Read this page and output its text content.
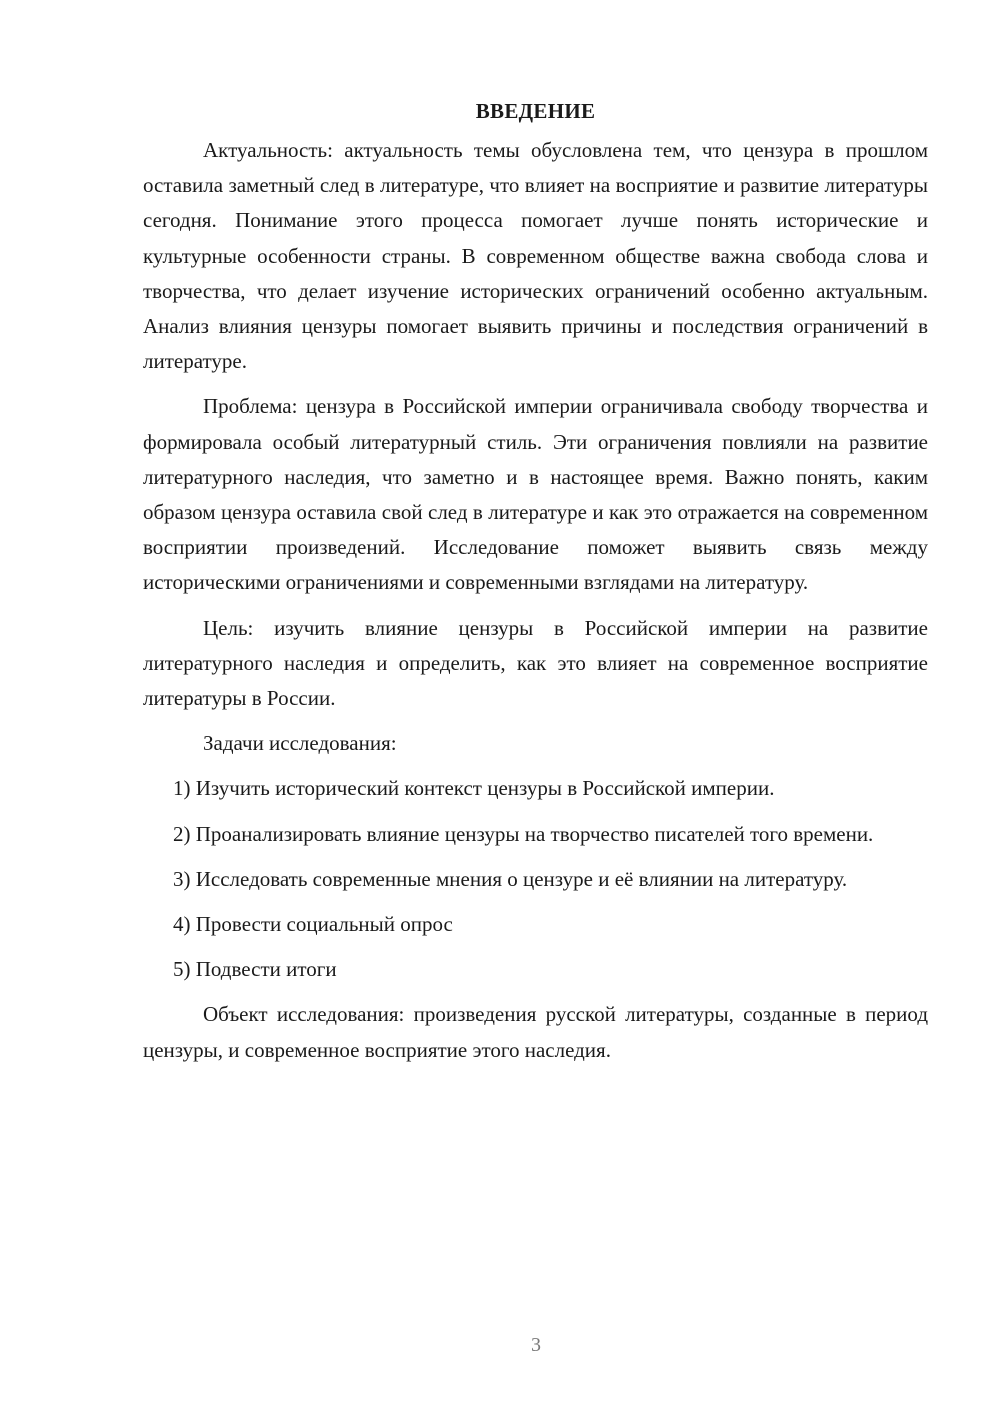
ВВЕДЕНИЕ

Актуальность: актуальность темы обусловлена тем, что цензура в прошлом оставила заметный след в литературе, что влияет на восприятие и развитие литературы сегодня. Понимание этого процесса помогает лучше понять исторические и культурные особенности страны. В современном обществе важна свобода слова и творчества, что делает изучение исторических ограничений особенно актуальным. Анализ влияния цензуры помогает выявить причины и последствия ограничений в литературе.

Проблема: цензура в Российской империи ограничивала свободу творчества и формировала особый литературный стиль. Эти ограничения повлияли на развитие литературного наследия, что заметно и в настоящее время. Важно понять, каким образом цензура оставила свой след в литературе и как это отражается на современном восприятии произведений. Исследование поможет выявить связь между историческими ограничениями и современными взглядами на литературу.

Цель: изучить влияние цензуры в Российской империи на развитие литературного наследия и определить, как это влияет на современное восприятие литературы в России.

Задачи исследования:

1) Изучить исторический контекст цензуры в Российской империи.

2) Проанализировать влияние цензуры на творчество писателей того времени.

3) Исследовать современные мнения о цензуре и её влиянии на литературу.

4) Провести социальный опрос

5) Подвести итоги

Объект исследования: произведения русской литературы, созданные в период цензуры, и современное восприятие этого наследия.

3
